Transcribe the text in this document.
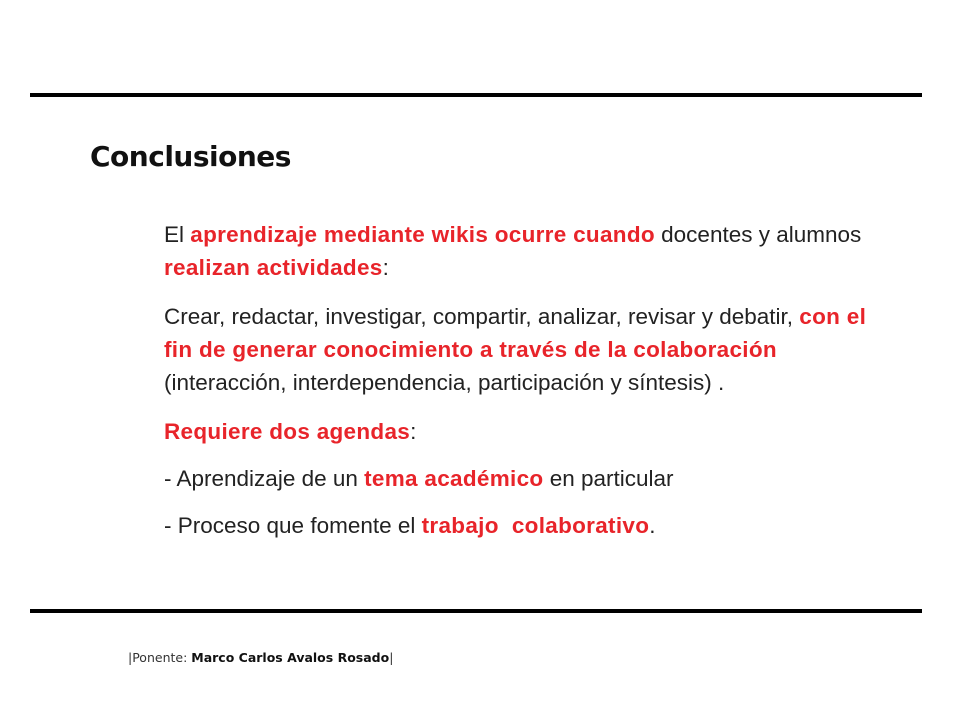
Conclusiones

El aprendizaje mediante wikis ocurre cuando docentes y alumnos realizan actividades:

Crear, redactar, investigar, compartir, analizar, revisar y debatir, con el fin de generar conocimiento a través de la colaboración (interacción, interdependencia, participación y síntesis) .

Requiere dos agendas:

- Aprendizaje de un tema académico en particular

- Proceso que fomente el trabajo  colaborativo.

|Ponente: Marco Carlos Avalos Rosado|
